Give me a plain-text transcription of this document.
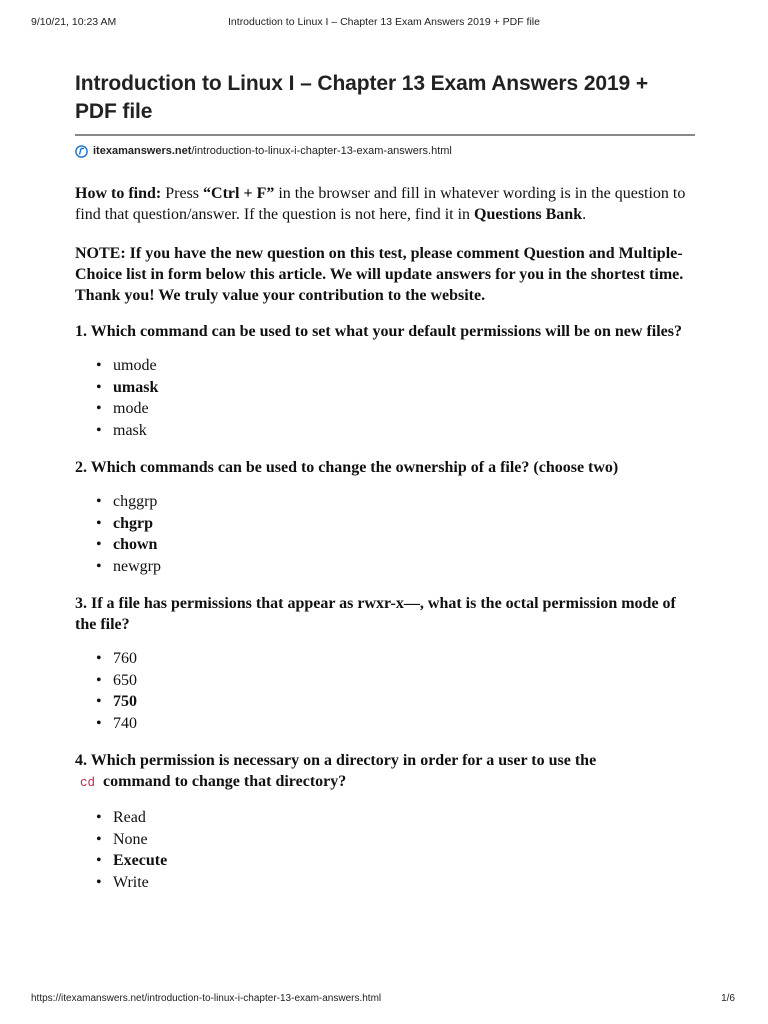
9/10/21, 10:23 AM	Introduction to Linux I – Chapter 13 Exam Answers 2019 + PDF file
Introduction to Linux I – Chapter 13 Exam Answers 2019 + PDF file
itexamanswers.net /introduction-to-linux-i-chapter-13-exam-answers.html

How to find: Press “Ctrl + F” in the browser and fill in whatever wording is in the question to find that question/answer. If the question is not here, find it in Questions Bank.

NOTE: If you have the new question on this test, please comment Question and Multiple-Choice list in form below this article. We will update answers for you in the shortest time. Thank you! We truly value your contribution to the website.

1. Which command can be used to set what your default permissions will be on new files?

• umode
• umask
• mode
• mask

2. Which commands can be used to change the ownership of a file? (choose two)

• chggrp
• chgrp
• chown
• newgrp

3. If a file has permissions that appear as rwxr-x—, what is the octal permission mode of the file?

• 760
• 650
• 750
• 740

4. Which permission is necessary on a directory in order for a user to use the
cd command to change that directory?

• Read
• None
• Execute
• Write
https://itexamanswers.net/introduction-to-linux-i-chapter-13-exam-answers.html	1/6
